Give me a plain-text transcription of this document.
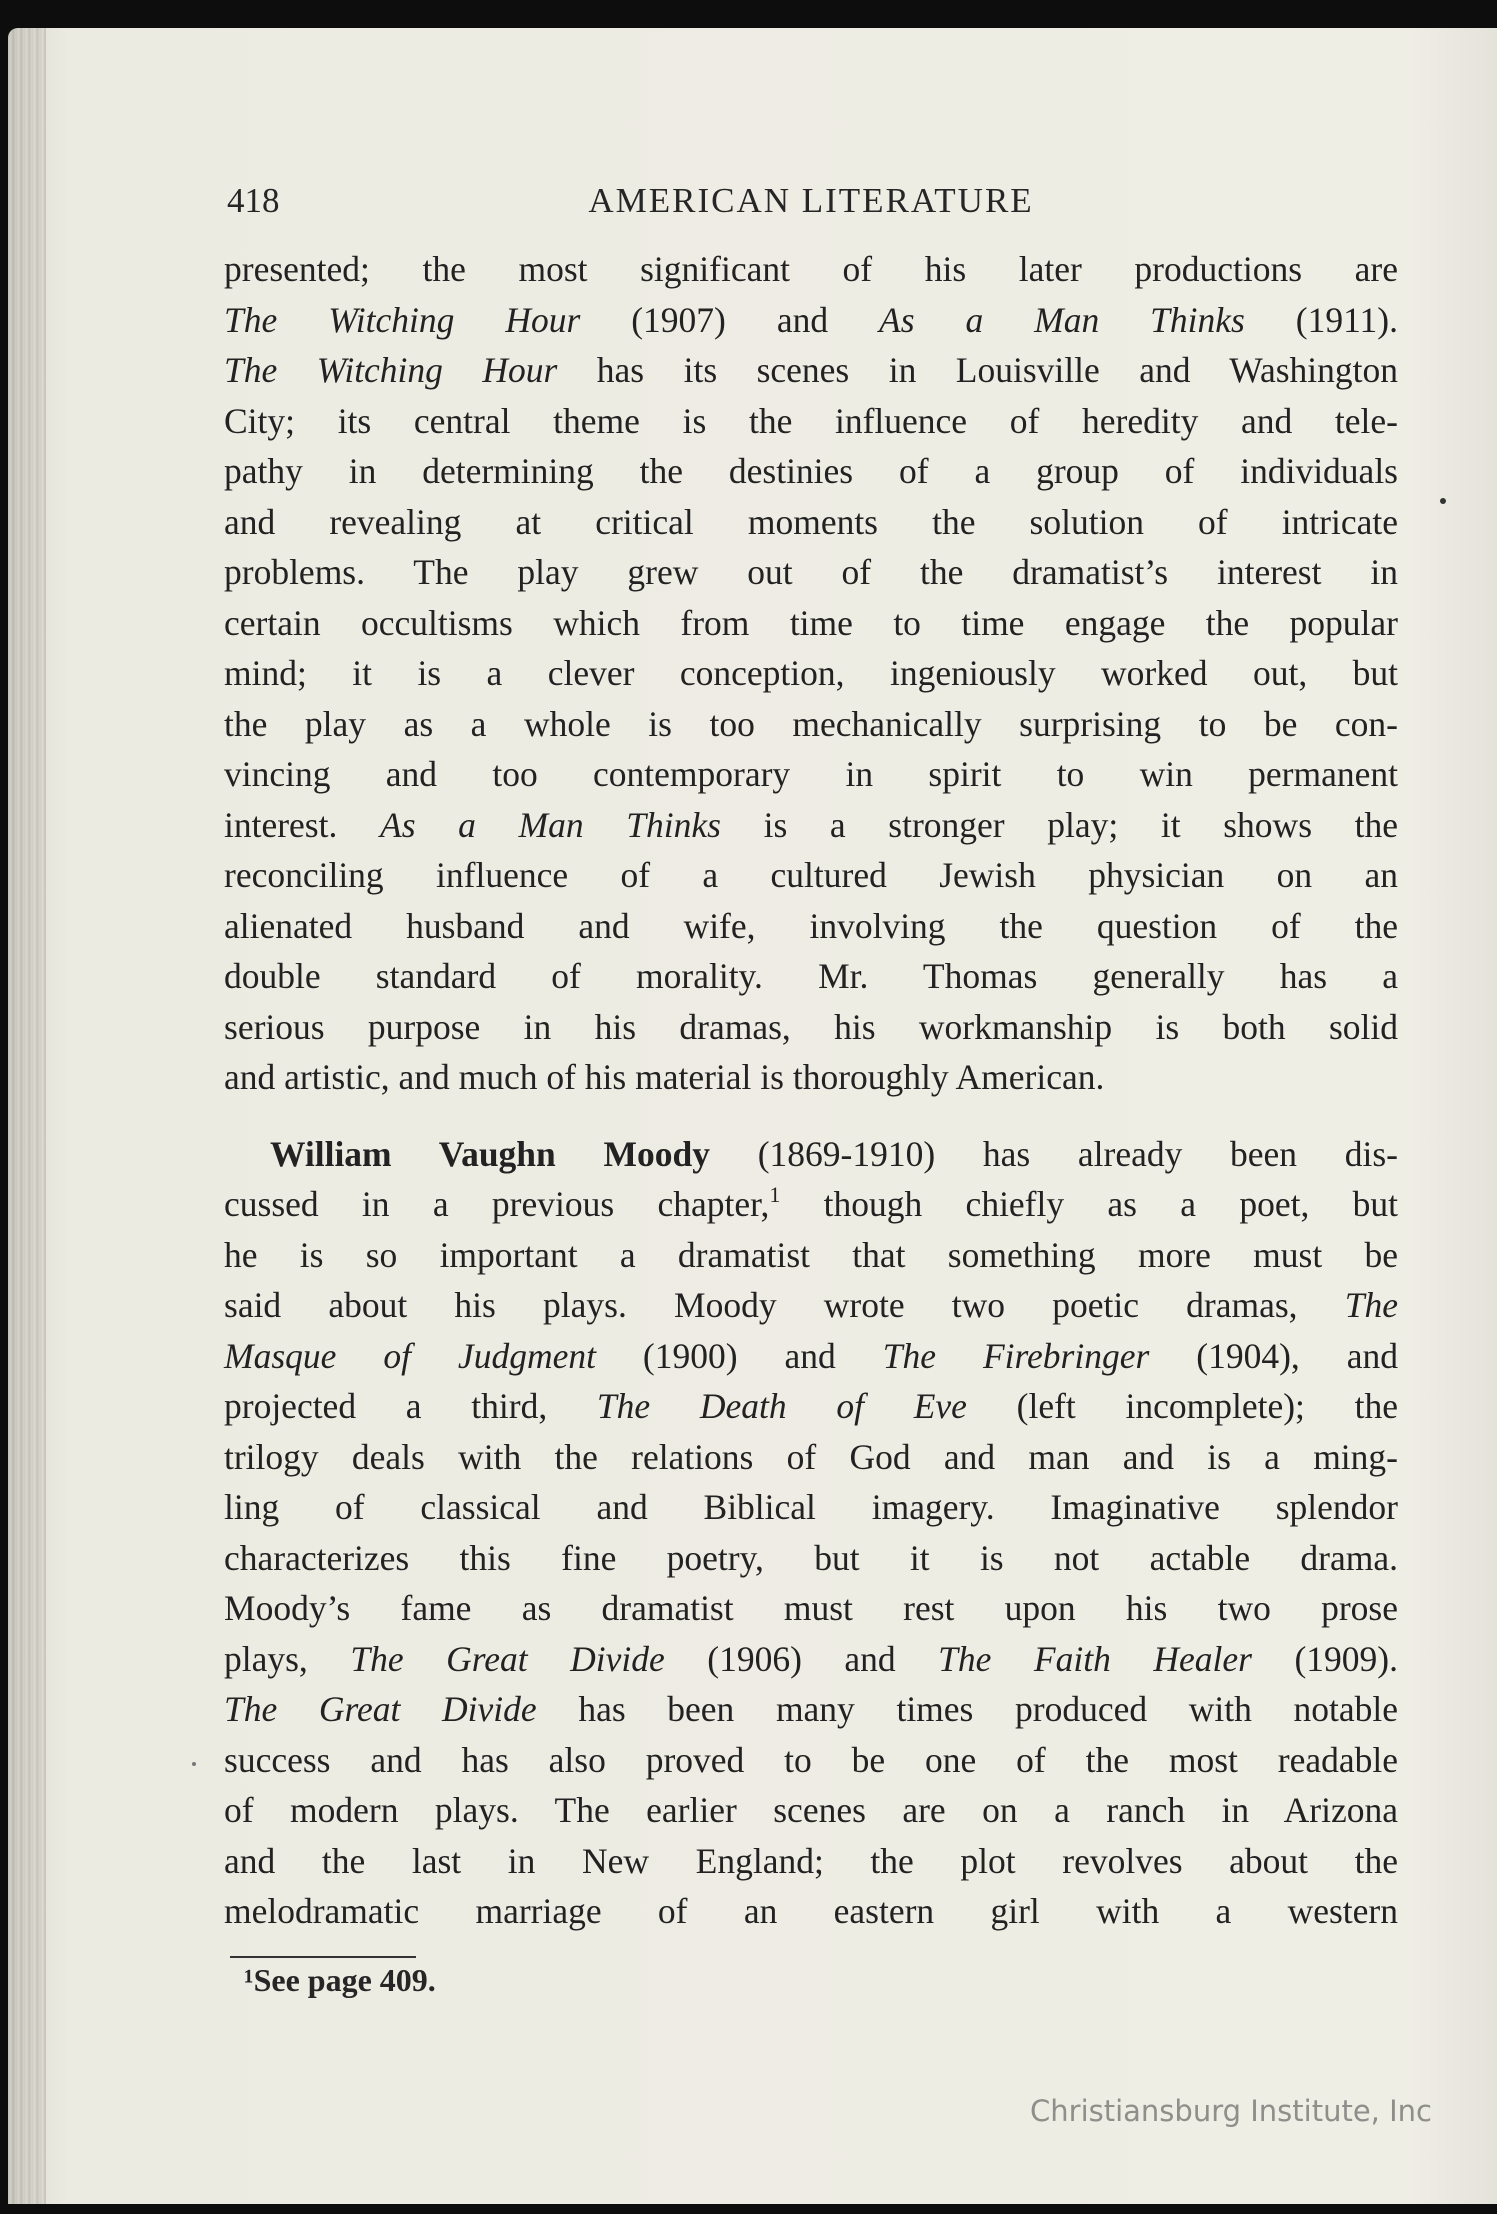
418	AMERICAN LITERATURE
presented; the most significant of his later productions are
The Witching Hour (1907) and As a Man Thinks (1911).
The Witching Hour has its scenes in Louisville and Washington
City; its central theme is the influence of heredity and tele-
pathy in determining the destinies of a group of individuals
and revealing at critical moments the solution of intricate
problems. The play grew out of the dramatist’s interest in
certain occultisms which from time to time engage the popular
mind; it is a clever conception, ingeniously worked out, but
the play as a whole is too mechanically surprising to be con-
vincing and too contemporary in spirit to win permanent
interest. As a Man Thinks is a stronger play; it shows the
reconciling influence of a cultured Jewish physician on an
alienated husband and wife, involving the question of the
double standard of morality. Mr. Thomas generally has a
serious purpose in his dramas, his workmanship is both solid
and artistic, and much of his material is thoroughly American.
William Vaughn Moody (1869-1910) has already been dis-
cussed in a previous chapter,$^1$ though chiefly as a poet, but
he is so important a dramatist that something more must be
said about his plays. Moody wrote two poetic dramas, The
Masque of Judgment (1900) and The Firebringer (1904), and
projected a third, The Death of Eve (left incomplete); the
trilogy deals with the relations of God and man and is a ming-
ling of classical and Biblical imagery. Imaginative splendor
characterizes this fine poetry, but it is not actable drama.
Moody’s fame as dramatist must rest upon his two prose
plays, The Great Divide (1906) and The Faith Healer (1909).
The Great Divide has been many times produced with notable
success and has also proved to be one of the most readable
of modern plays. The earlier scenes are on a ranch in Arizona
and the last in New England; the plot revolves about the
melodramatic marriage of an eastern girl with a western
¹See page 409.
Christiansburg Institute, Inc
